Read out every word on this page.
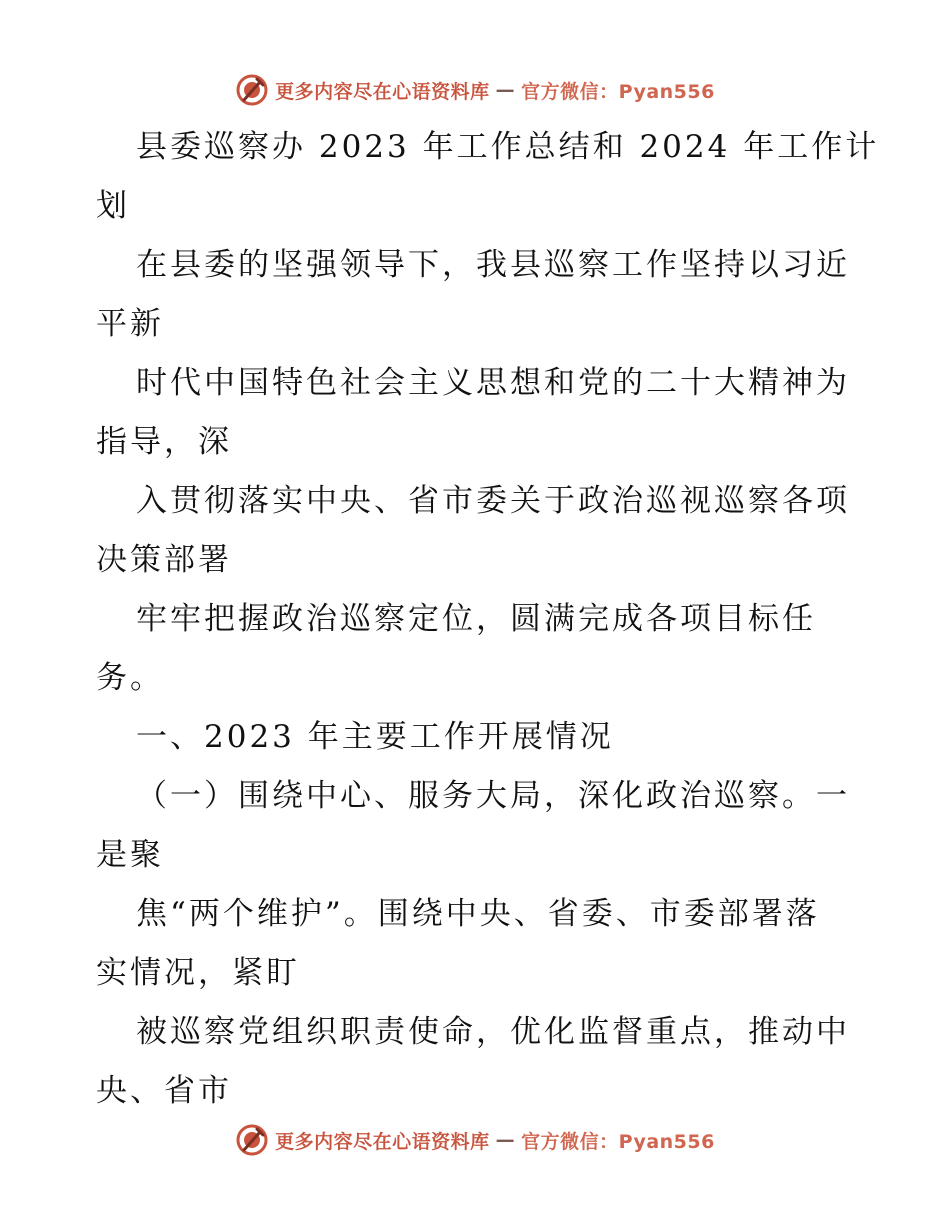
更多内容尽在心语资料库 — 官方微信：Pyan556

县委巡察办 2023 年工作总结和 2024 年工作计

划

在县委的坚强领导下，我县巡察工作坚持以习近

平新

时代中国特色社会主义思想和党的二十大精神为

指导，深

入贯彻落实中央、省市委关于政治巡视巡察各项

决策部署

牢牢把握政治巡察定位，圆满完成各项目标任

务。

一、2023 年主要工作开展情况

（一）围绕中心、服务大局，深化政治巡察。一

是聚

焦“两个维护”。围绕中央、省委、市委部署落

实情况，紧盯

被巡察党组织职责使命，优化监督重点，推动中

央、省市

更多内容尽在心语资料库 — 官方微信：Pyan556
